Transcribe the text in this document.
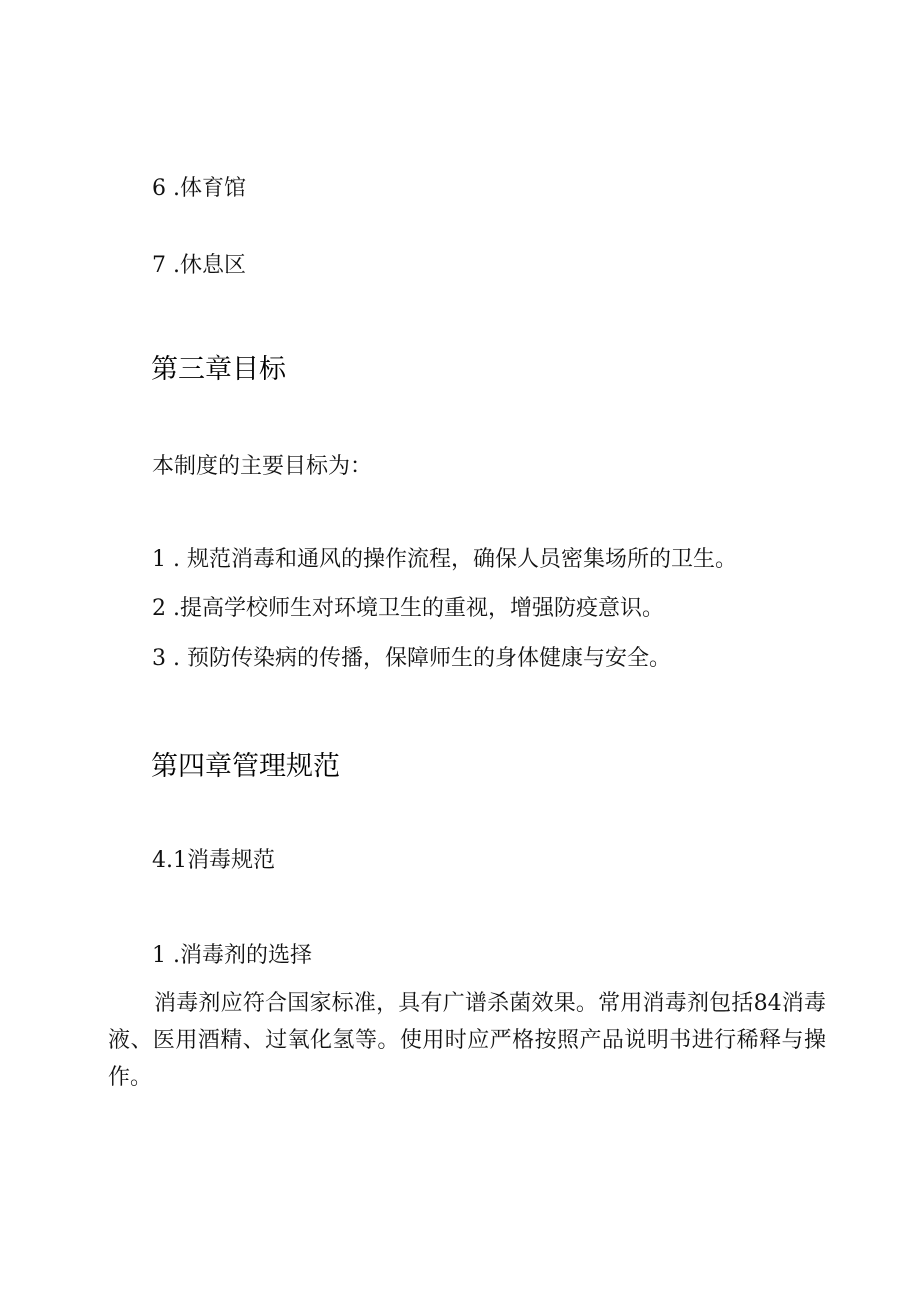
6 .体育馆
7 .休息区
第三章目标
本制度的主要目标为：
1 . 规范消毒和通风的操作流程，确保人员密集场所的卫生。
2 .提高学校师生对环境卫生的重视，增强防疫意识。
3 . 预防传染病的传播，保障师生的身体健康与安全。
第四章管理规范
4.1消毒规范
1 .消毒剂的选择
消毒剂应符合国家标准，具有广谱杀菌效果。常用消毒剂包括84消毒液、医用酒精、过氧化氢等。使用时应严格按照产品说明书进行稀释与操作。
